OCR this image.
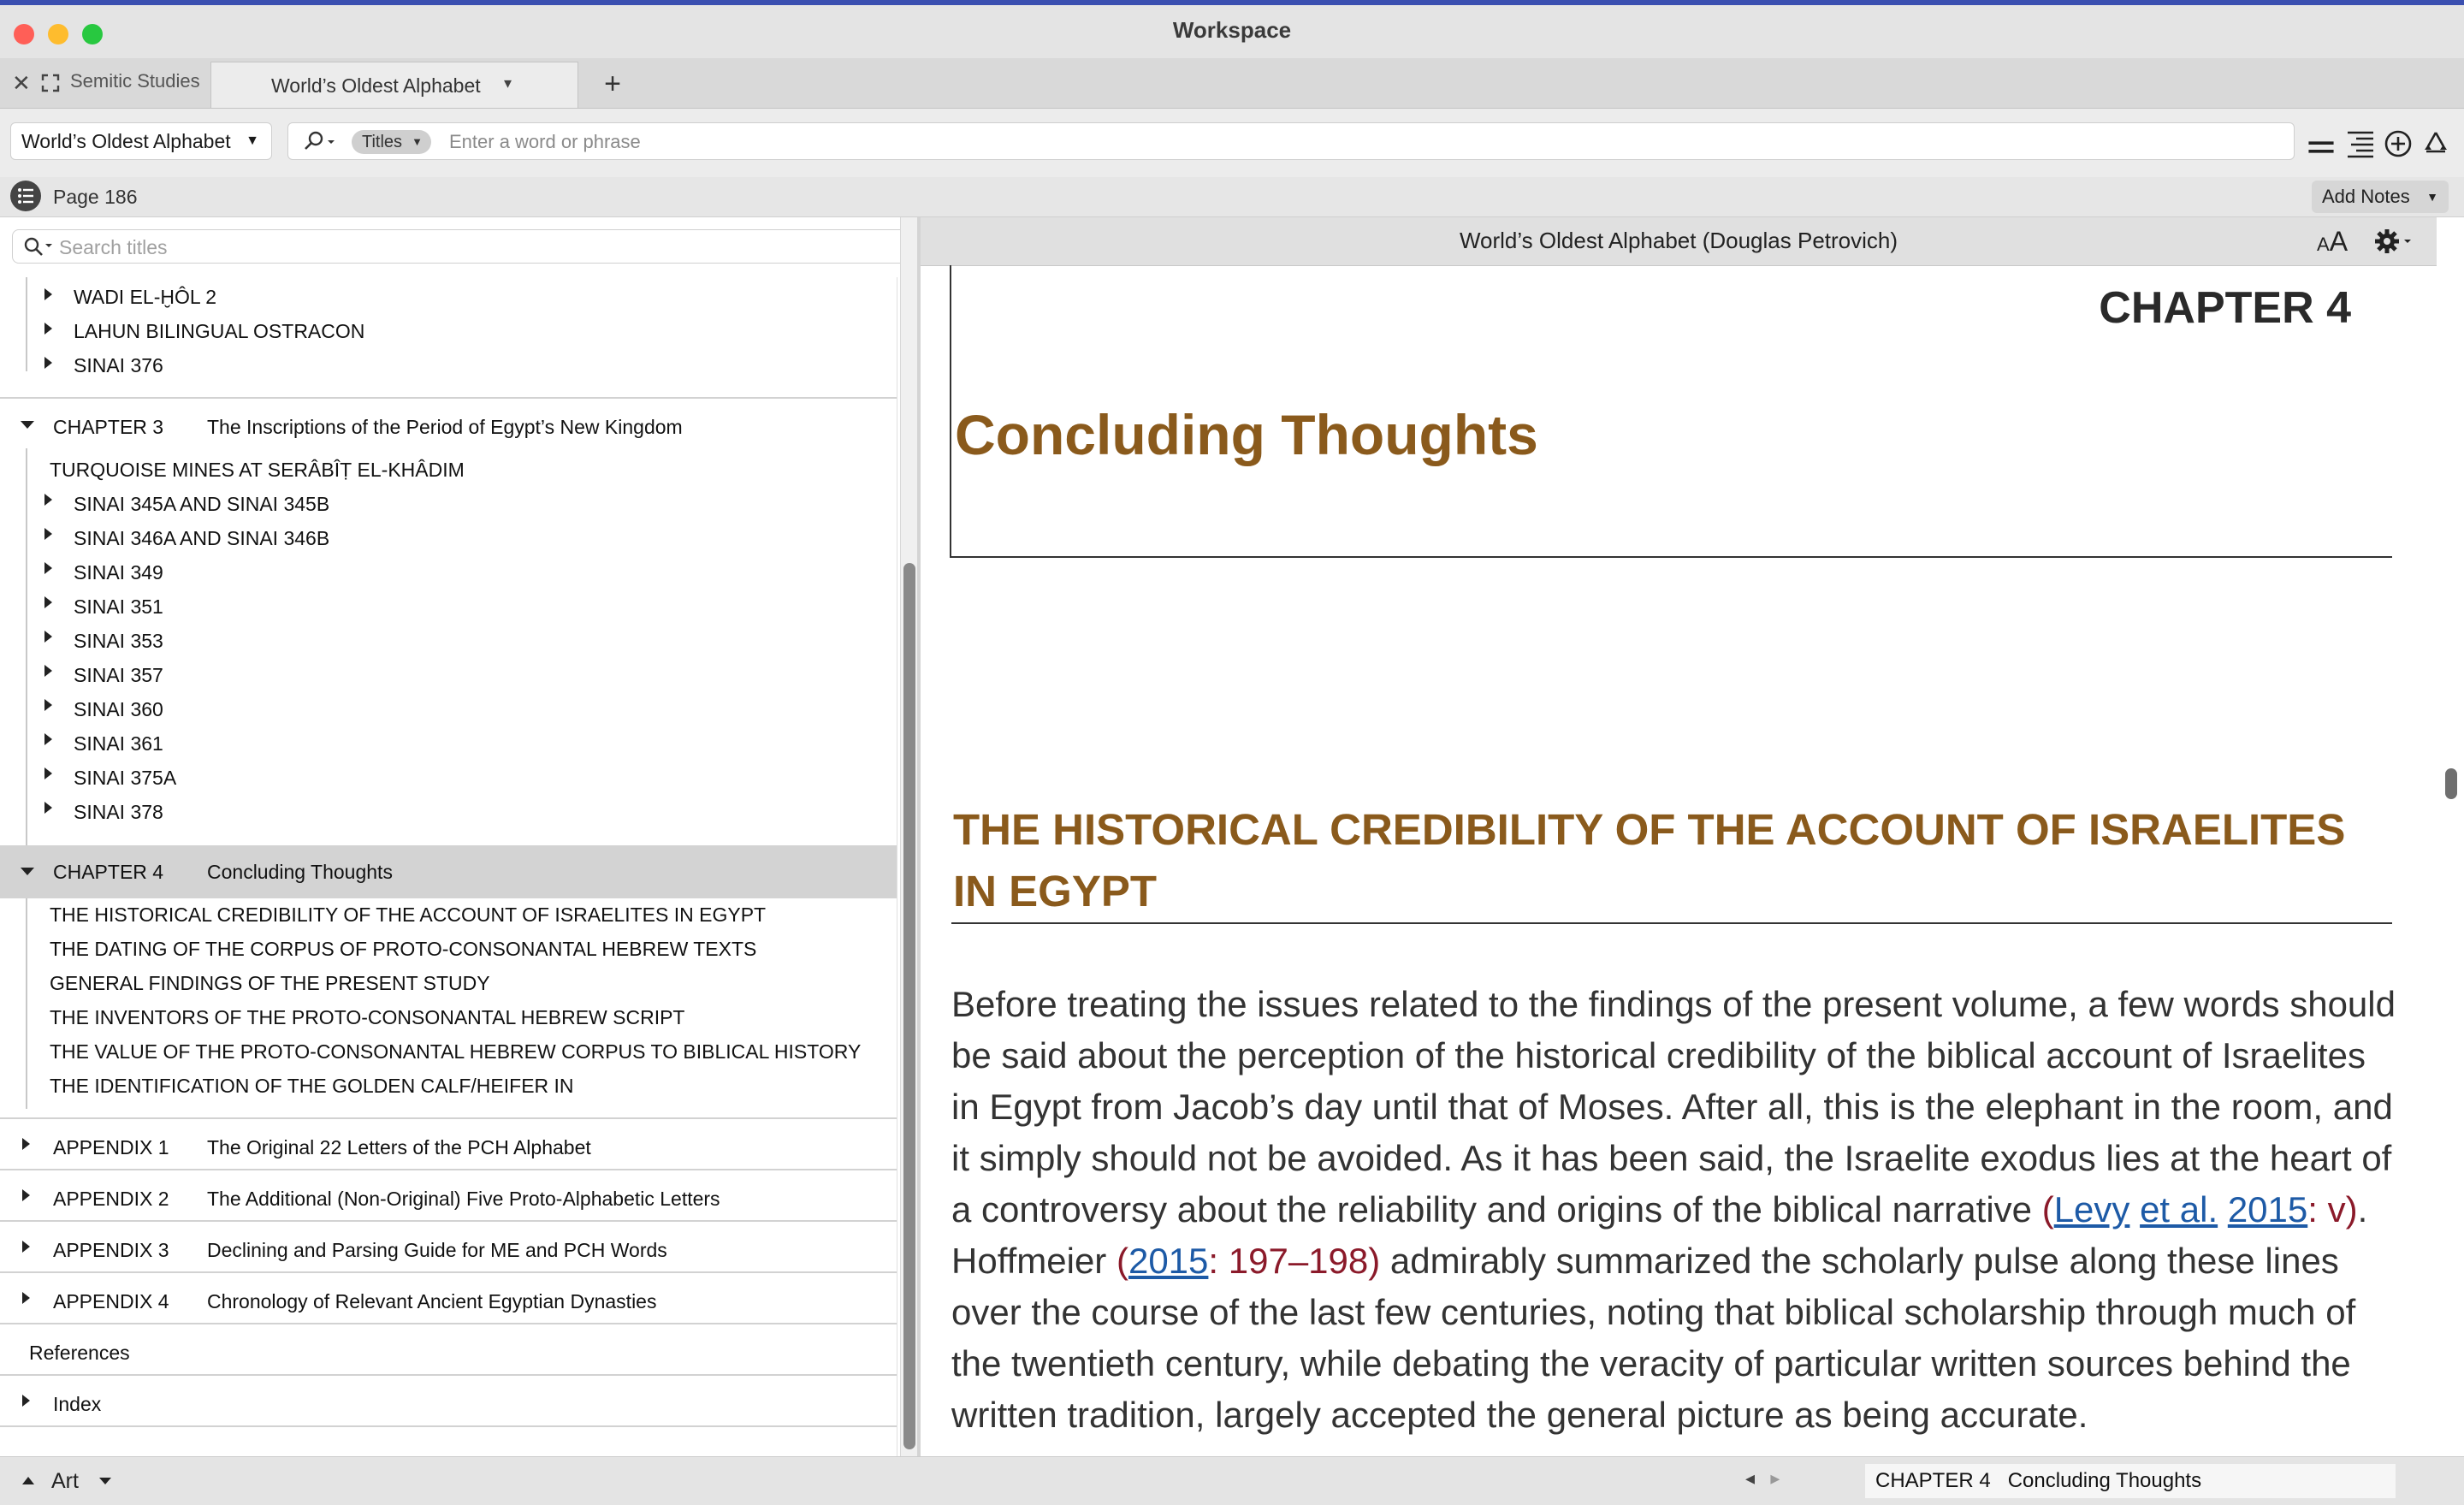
Workspace
✕ Semitic Studies	World’s Oldest Alphabet ▾	+
World’s Oldest Alphabet ▼	Titles ▼
Enter a word or phrase
Page 186	Add Notes ▼
Search titles
WADI EL-ḪÔL 2
LAHUN BILINGUAL OSTRACON
SINAI 376
CHAPTER 3 The Inscriptions of the Period of Egypt’s New Kingdom
TURQUOISE MINES AT SERÂBÎṬ EL-KHÂDIM
SINAI 345A AND SINAI 345B
SINAI 346A AND SINAI 346B
SINAI 349
SINAI 351
SINAI 353
SINAI 357
SINAI 360
SINAI 361
SINAI 375A
SINAI 378
CHAPTER 4 Concluding Thoughts
THE HISTORICAL CREDIBILITY OF THE ACCOUNT OF ISRAELITES IN EGYPT
THE DATING OF THE CORPUS OF PROTO-CONSONANTAL HEBREW TEXTS
GENERAL FINDINGS OF THE PRESENT STUDY
THE INVENTORS OF THE PROTO-CONSONANTAL HEBREW SCRIPT
THE VALUE OF THE PROTO-CONSONANTAL HEBREW CORPUS TO BIBLICAL HISTORY
THE IDENTIFICATION OF THE GOLDEN CALF/HEIFER IN
APPENDIX 1 The Original 22 Letters of the PCH Alphabet
APPENDIX 2 The Additional (Non-Original) Five Proto-Alphabetic Letters
APPENDIX 3 Declining and Parsing Guide for ME and PCH Words
APPENDIX 4 Chronology of Relevant Ancient Egyptian Dynasties
References
Index
World’s Oldest Alphabet (Douglas Petrovich)	AA
CHAPTER 4
Concluding Thoughts
THE HISTORICAL CREDIBILITY OF THE ACCOUNT OF ISRAELITES IN EGYPT
Before treating the issues related to the findings of the present volume, a few words should be said about the perception of the historical credibility of the biblical account of Israelites in Egypt from Jacob’s day until that of Moses. After all, this is the elephant in the room, and it simply should not be avoided. As it has been said, the Israelite exodus lies at the heart of a controversy about the reliability and origins of the biblical narrative (Levy et al. 2015: v). Hoffmeier (2015: 197–198) admirably summarized the scholarly pulse along these lines over the course of the last few centuries, noting that biblical scholarship through much of the twentieth century, while debating the veracity of particular written sources behind the written tradition, largely accepted the general picture as being accurate.
Art	◂ ▸	CHAPTER 4 Concluding Thoughts
